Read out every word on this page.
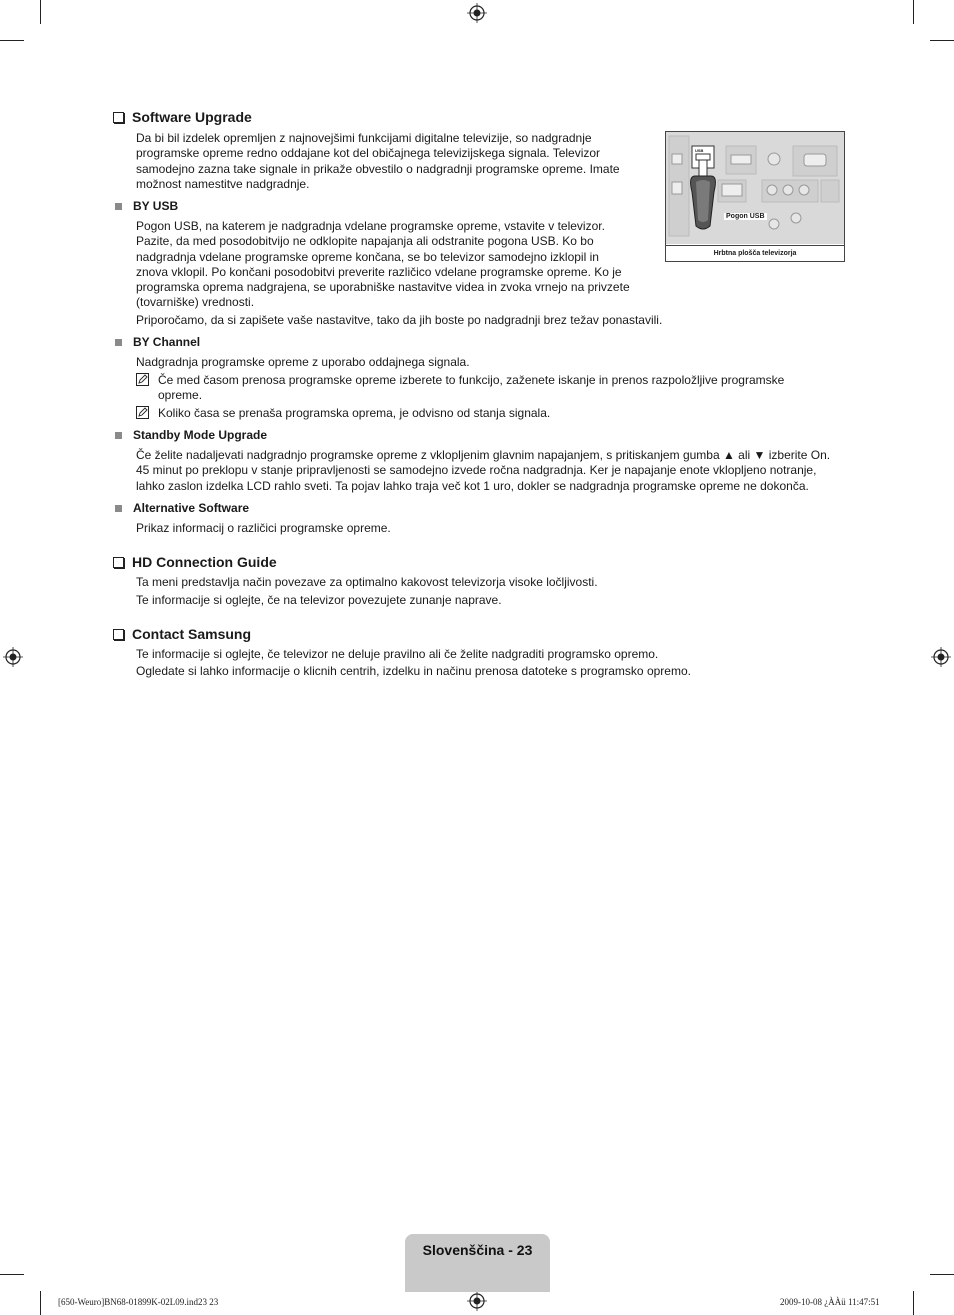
Software Upgrade

Da bi bil izdelek opremljen z najnovejšimi funkcijami digitalne televizije, so nadgradnje
programske opreme redno oddajane kot del običajnega televizijskega signala. Televizor
samodejno zazna take signale in prikaže obvestilo o nadgradnji programske opreme. Imate
možnost namestitve nadgradnje.

BY USB

Pogon USB, na katerem je nadgradnja vdelane programske opreme, vstavite v televizor.
Pazite, da med posodobitvijo ne odklopite napajanja ali odstranite pogona USB. Ko bo
nadgradnja vdelane programske opreme končana, se bo televizor samodejno izklopil in
znova vklopil. Po končani posodobitvi preverite različico vdelane programske opreme. Ko je
programska oprema nadgrajena, se uporabniške nastavitve videa in zvoka vrnejo na privzete
(tovarniške) vrednosti.

Priporočamo, da si zapišete vaše nastavitve, tako da jih boste po nadgradnji brez težav ponastavili.

USB
Pogon USB
Hrbtna plošča televizorja
BY Channel

Nadgradnja programske opreme z uporabo oddajnega signala.

Če med časom prenosa programske opreme izberete to funkcijo, zaženete iskanje in prenos razpoložljive programske
opreme.
Koliko časa se prenaša programska oprema, je odvisno od stanja signala.
Standby Mode Upgrade

Če želite nadaljevati nadgradnjo programske opreme z vklopljenim glavnim napajanjem, s pritiskanjem gumba ▲ ali ▼ izberite On.
45 minut po preklopu v stanje pripravljenosti se samodejno izvede ročna nadgradnja. Ker je napajanje enote vklopljeno notranje,
lahko zaslon izdelka LCD rahlo sveti. Ta pojav lahko traja več kot 1 uro, dokler se nadgradnja programske opreme ne dokonča.

Alternative Software

Prikaz informacij o različici programske opreme.

HD Connection Guide

Ta meni predstavlja način povezave za optimalno kakovost televizorja visoke ločljivosti.
Te informacije si oglejte, če na televizor povezujete zunanje naprave.

Contact Samsung

Te informacije si oglejte, če televizor ne deluje pravilno ali če želite nadgraditi programsko opremo.
Ogledate si lahko informacije o klicnih centrih, izdelku in načinu prenosa datoteke s programsko opremo.

Slovenščina - 23
[650-Weuro]BN68-01899K-02L09.ind23 23	2009-10-08 ¿ÀÀü 11:47:51
